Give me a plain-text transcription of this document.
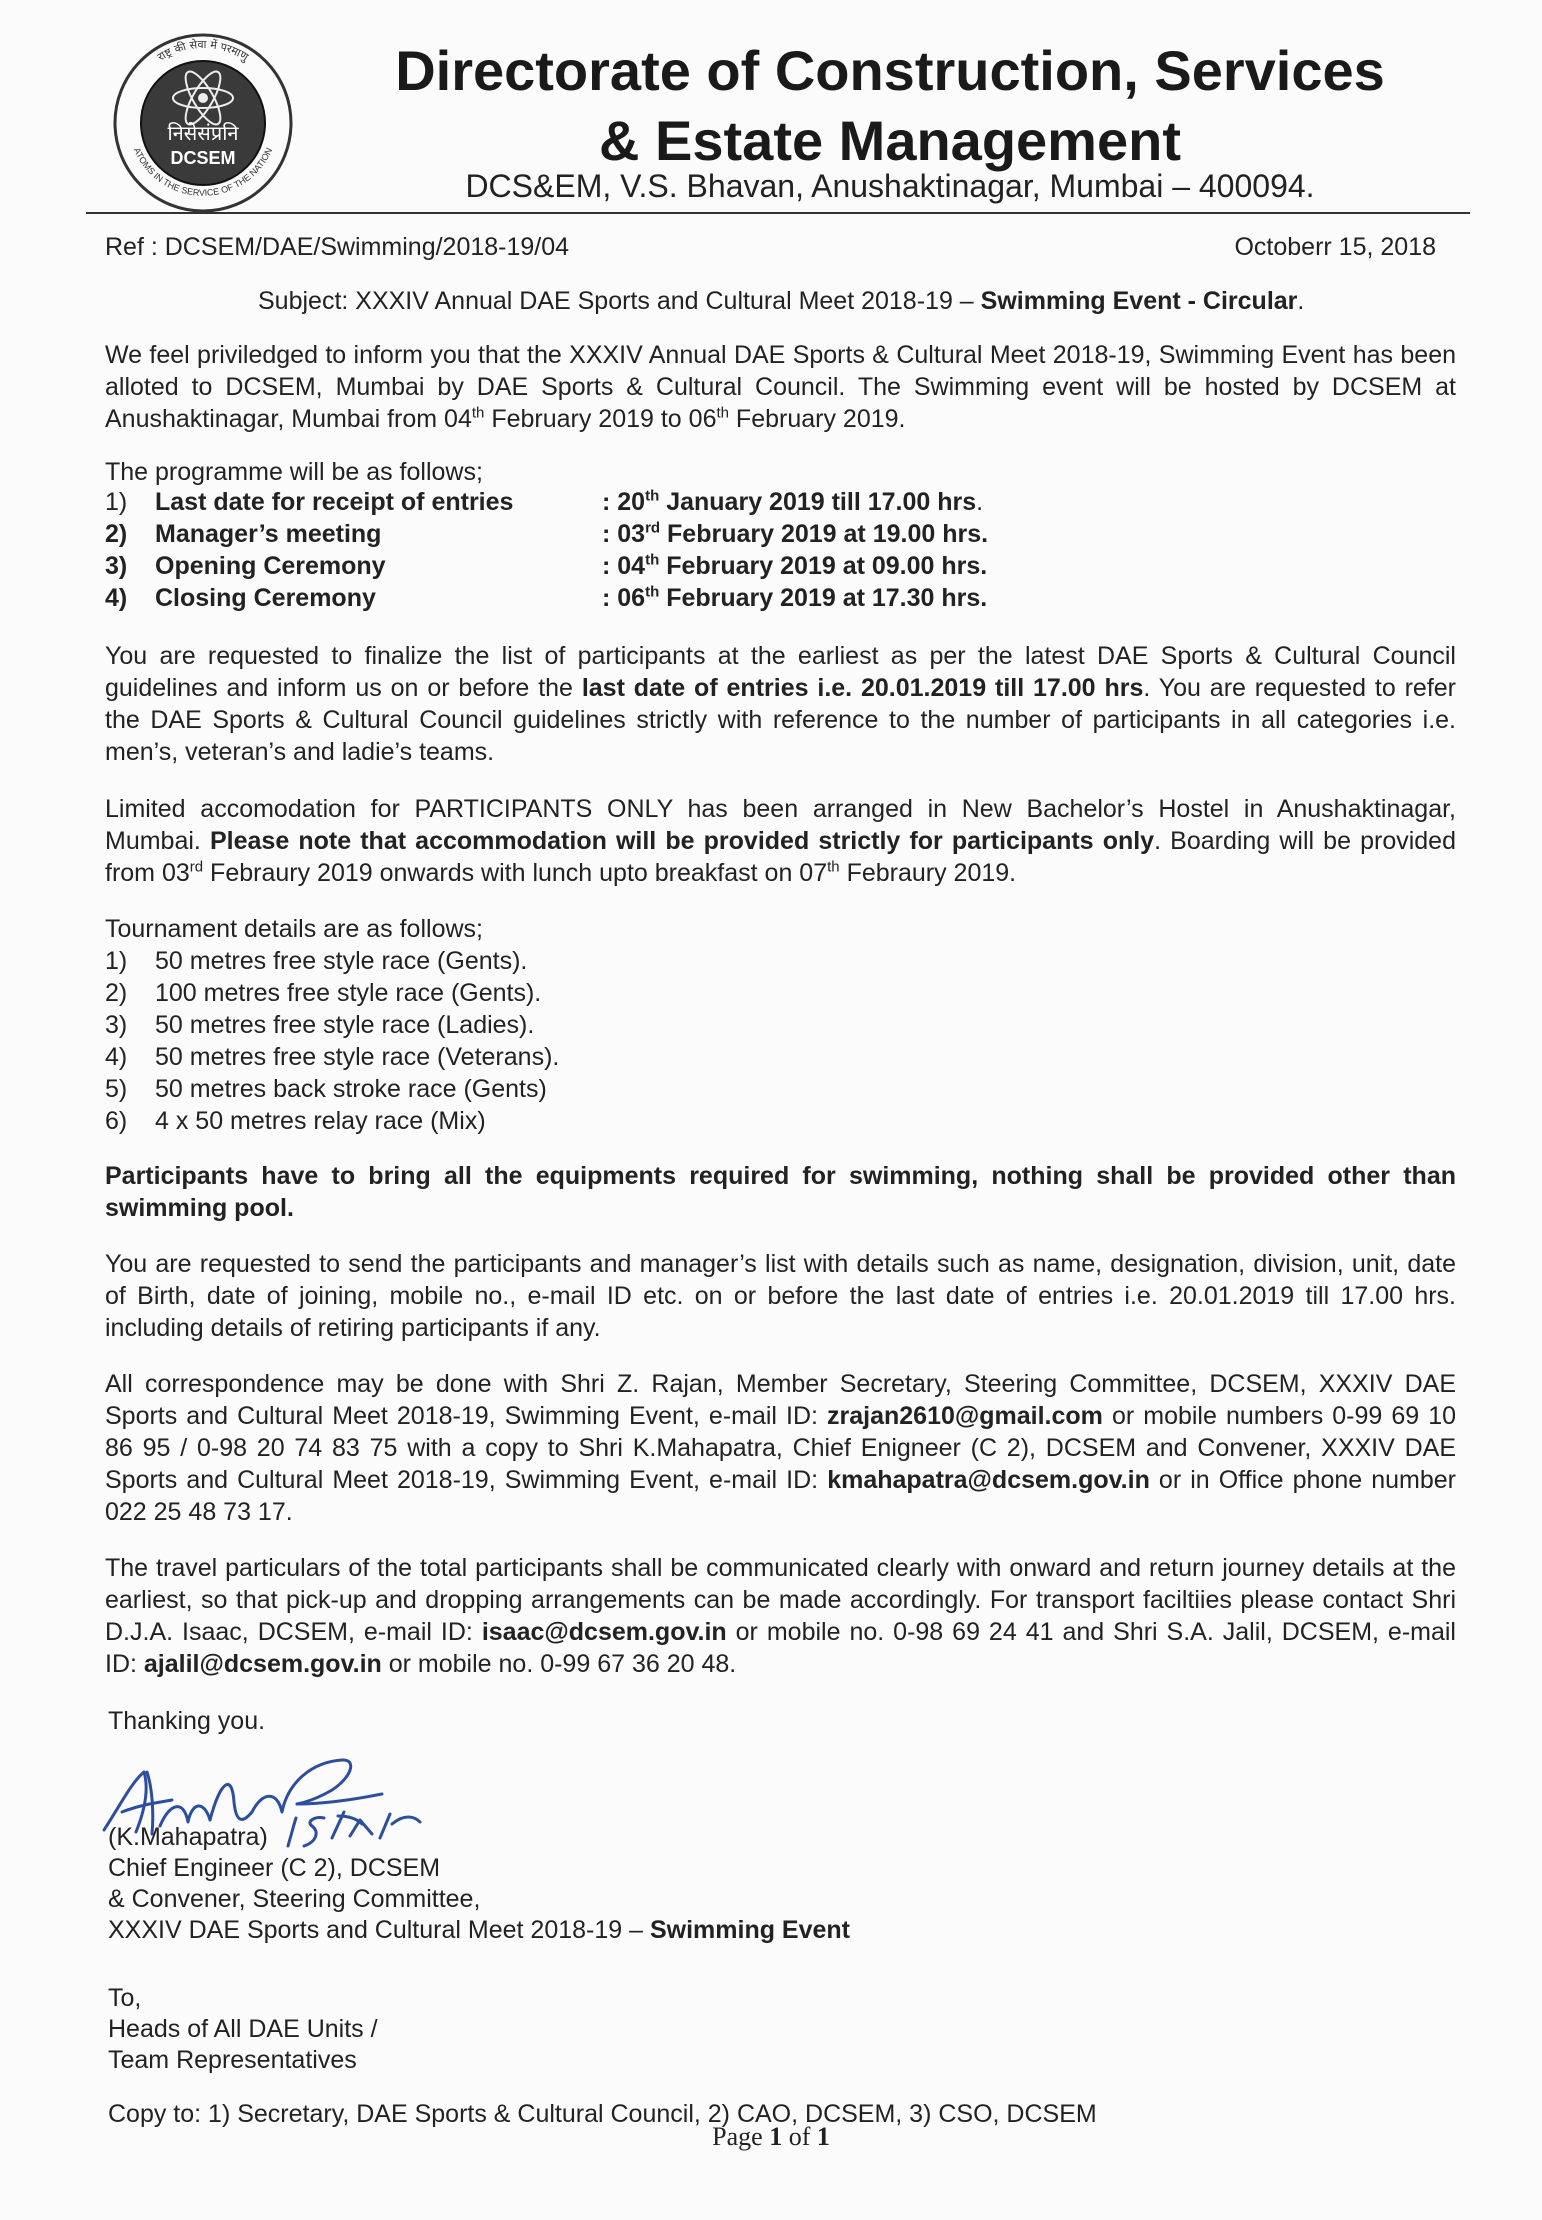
निसेसंप्रनि
DCSEM
राष्ट्र की सेवा में परमाणु
ATOMS IN THE SERVICE OF THE NATION
Directorate of Construction, Services
& Estate Management
DCS&EM, V.S. Bhavan, Anushaktinagar, Mumbai – 400094.
Ref : DCSEM/DAE/Swimming/2018-19/04	Octoberr 15, 2018
Subject: XXXIV Annual DAE Sports and Cultural Meet 2018-19 – Swimming Event - Circular.
We feel priviledged to inform you that the XXXIV Annual DAE Sports & Cultural Meet 2018-19, Swimming Event has been alloted to DCSEM, Mumbai by DAE Sports & Cultural Council. The Swimming event will be hosted by DCSEM at Anushaktinagar, Mumbai from 04th February 2019 to 06th February 2019.
The programme will be as follows;
1) Last date for receipt of entries	: 20th January 2019 till 17.00 hrs.
2) Manager’s meeting	: 03rd February 2019 at 19.00 hrs.
3) Opening Ceremony	: 04th February 2019 at 09.00 hrs.
4) Closing Ceremony	: 06th February 2019 at 17.30 hrs.
You are requested to finalize the list of participants at the earliest as per the latest DAE Sports & Cultural Council guidelines and inform us on or before the last date of entries i.e. 20.01.2019 till 17.00 hrs. You are requested to refer the DAE Sports & Cultural Council guidelines strictly with reference to the number of participants in all categories i.e. men’s, veteran’s and ladie’s teams.
Limited accomodation for PARTICIPANTS ONLY has been arranged in New Bachelor’s Hostel in Anushaktinagar, Mumbai. Please note that accommodation will be provided strictly for participants only. Boarding will be provided from 03rd Febraury 2019 onwards with lunch upto breakfast on 07th Febraury 2019.
Tournament details are as follows;
1) 50 metres free style race (Gents).
2) 100 metres free style race (Gents).
3) 50 metres free style race (Ladies).
4) 50 metres free style race (Veterans).
5) 50 metres back stroke race (Gents)
6) 4 x 50 metres relay race (Mix)
Participants have to bring all the equipments required for swimming, nothing shall be provided other than swimming pool.
You are requested to send the participants and manager’s list with details such as name, designation, division, unit, date of Birth, date of joining, mobile no., e-mail ID etc. on or before the last date of entries i.e. 20.01.2019 till 17.00 hrs. including details of retiring participants if any.
All correspondence may be done with Shri Z. Rajan, Member Secretary, Steering Committee, DCSEM, XXXIV DAE Sports and Cultural Meet 2018-19, Swimming Event, e-mail ID: zrajan2610@gmail.com or mobile numbers 0-99 69 10 86 95 / 0-98 20 74 83 75 with a copy to Shri K.Mahapatra, Chief Enigneer (C 2), DCSEM and Convener, XXXIV DAE Sports and Cultural Meet 2018-19, Swimming Event, e-mail ID: kmahapatra@dcsem.gov.in or in Office phone number 022 25 48 73 17.
The travel particulars of the total participants shall be communicated clearly with onward and return journey details at the earliest, so that pick-up and dropping arrangements can be made accordingly. For transport faciltiies please contact Shri D.J.A. Isaac, DCSEM, e-mail ID: isaac@dcsem.gov.in or mobile no. 0-98 69 24 41 and Shri S.A. Jalil, DCSEM, e-mail ID: ajalil@dcsem.gov.in or mobile no. 0-99 67 36 20 48.
Thanking you.
(K.Mahapatra)
Chief Engineer (C 2), DCSEM
& Convener, Steering Committee,
XXXIV DAE Sports and Cultural Meet 2018-19 – Swimming Event
To,
Heads of All DAE Units /
Team Representatives
Copy to: 1) Secretary, DAE Sports & Cultural Council, 2) CAO, DCSEM, 3) CSO, DCSEM
Page 1 of 1
